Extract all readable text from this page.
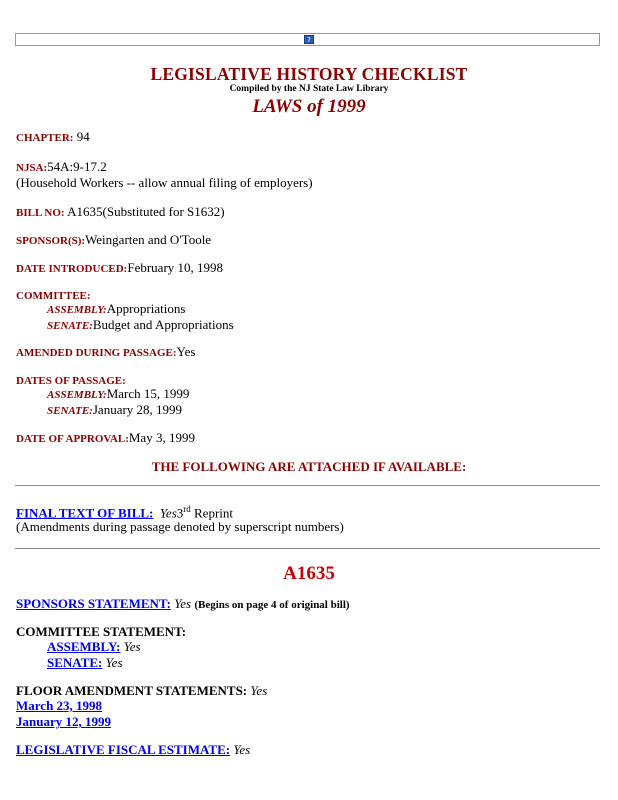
?
LEGISLATIVE HISTORY CHECKLIST
Compiled by the NJ State Law Library
LAWS of 1999
CHAPTER: 94
NJSA:54A:9-17.2
(Household Workers -- allow annual filing of employers)
BILL NO: A1635(Substituted for S1632)
SPONSOR(S):Weingarten and O'Toole
DATE INTRODUCED:February 10, 1998
COMMITTEE:
ASSEMBLY:Appropriations
SENATE:Budget and Appropriations
AMENDED DURING PASSAGE:Yes
DATES OF PASSAGE:
ASSEMBLY:March 15, 1999
SENATE:January 28, 1999
DATE OF APPROVAL:May 3, 1999
THE FOLLOWING ARE ATTACHED IF AVAILABLE:
FINAL TEXT OF BILL: Yes3rd Reprint
(Amendments during passage denoted by superscript numbers)
A1635
SPONSORS STATEMENT: Yes (Begins on page 4 of original bill)
COMMITTEE STATEMENT:
ASSEMBLY: Yes
SENATE: Yes
FLOOR AMENDMENT STATEMENTS: Yes
March 23, 1998
January 12, 1999
LEGISLATIVE FISCAL ESTIMATE: Yes
